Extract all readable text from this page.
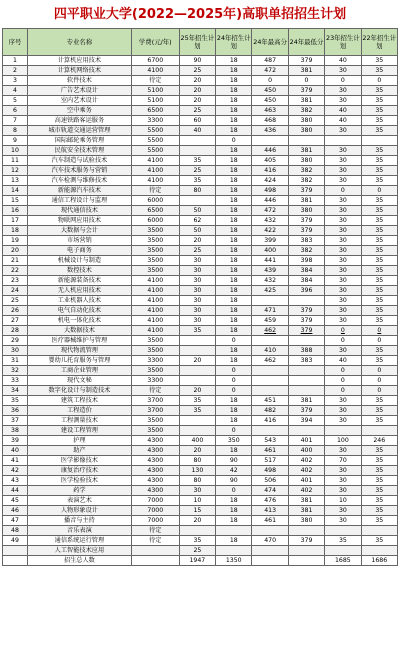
四平职业大学(2022—2025年)高职单招招生计划
序号	专业名称	学费(元/年)	25年招生计划	24年招生计划	24年最高分	24年最低分	23年招生计划	22年招生计划
1	计算机应用技术	6700	90	18	487	379	40	35
2	计算机网络技术	4100	25	18	472	381	30	35
3	软件技术	待定	20	18	0	0	0	0
4	广告艺术设计	5100	20	18	450	379	30	35
5	室内艺术设计	5100	20	18	450	381	30	35
6	空中乘务	6500	25	18	463	382	40	35
7	高速铁路客运服务	3300	60	18	468	380	40	35
8	城市轨道交通运营管理	5500	40	18	436	380	30	35
9	国际邮轮乘务管理	5500		0				
10	民航安全技术管理	5500		18	446	381	30	35
11	汽车制造与试验技术	4100	35	18	405	380	30	35
12	汽车技术服务与营销	4100	25	18	416	382	30	35
13	汽车检测与维修技术	4100	35	18	424	382	30	35
14	新能源汽车技术	待定	80	18	498	379	0	0
15	通信工程设计与监理	6000		18	446	381	30	35
16	现代通信技术	6500	50	18	472	380	30	35
17	物联网应用技术	6000	62	18	432	379	30	35
18	大数据与会计	3500	50	18	422	379	30	35
19	市场营销	3500	20	18	399	383	30	35
20	电子商务	3500	25	18	400	382	30	35
21	机械设计与制造	3500	30	18	441	398	30	35
22	数控技术	3500	30	18	439	384	30	35
23	新能源装备技术	4100	30	18	432	384	30	35
24	无人机应用技术	4100	30	18	425	396	30	35
25	工业机器人技术	4100	30	18			30	35
26	电气自动化技术	4100	30	18	471	379	30	35
27	机电一体化技术	4100	30	18	459	379	30	35
28	大数据技术	4100	35	18	462	379	0	0
29	医疗器械维护与管理	3500		0			0	0
30	现代物流管理	3500		18	410	388	30	35
31	婴幼儿托育服务与管理	3300	20	18	462	383	40	35
32	工商企业管理	3500		0			0	0
33	现代文秘	3300		0			0	0
34	数字化设计与制造技术	待定	20	0			0	0
35	建筑工程技术	3700	35	18	451	381	30	35
36	工程造价	3700	35	18	482	379	30	35
37	工程测量技术	3500		18	416	394	30	35
38	建设工程管理	3500		0				
39	护理	4300	400	350	543	401	100	246
40	助产	4300	20	18	461	400	30	35
41	医学影像技术	4300	80	90	517	402	70	35
42	康复治疗技术	4300	130	42	498	402	30	35
43	医学检验技术	4300	80	90	506	401	30	35
44	药学	4300	30	0	474	402	30	35
45	表演艺术	7000	10	18	476	381	10	35
46	人物形象设计	7000	15	18	413	381	30	35
47	播音与主持	7000	20	18	461	380	30	35
48	音乐表演	待定						
49	通信系统运行管理	待定	35	18	470	379	35	35
	人工智能技术应用		25					
	招生总人数		1947	1350			1685	1686
